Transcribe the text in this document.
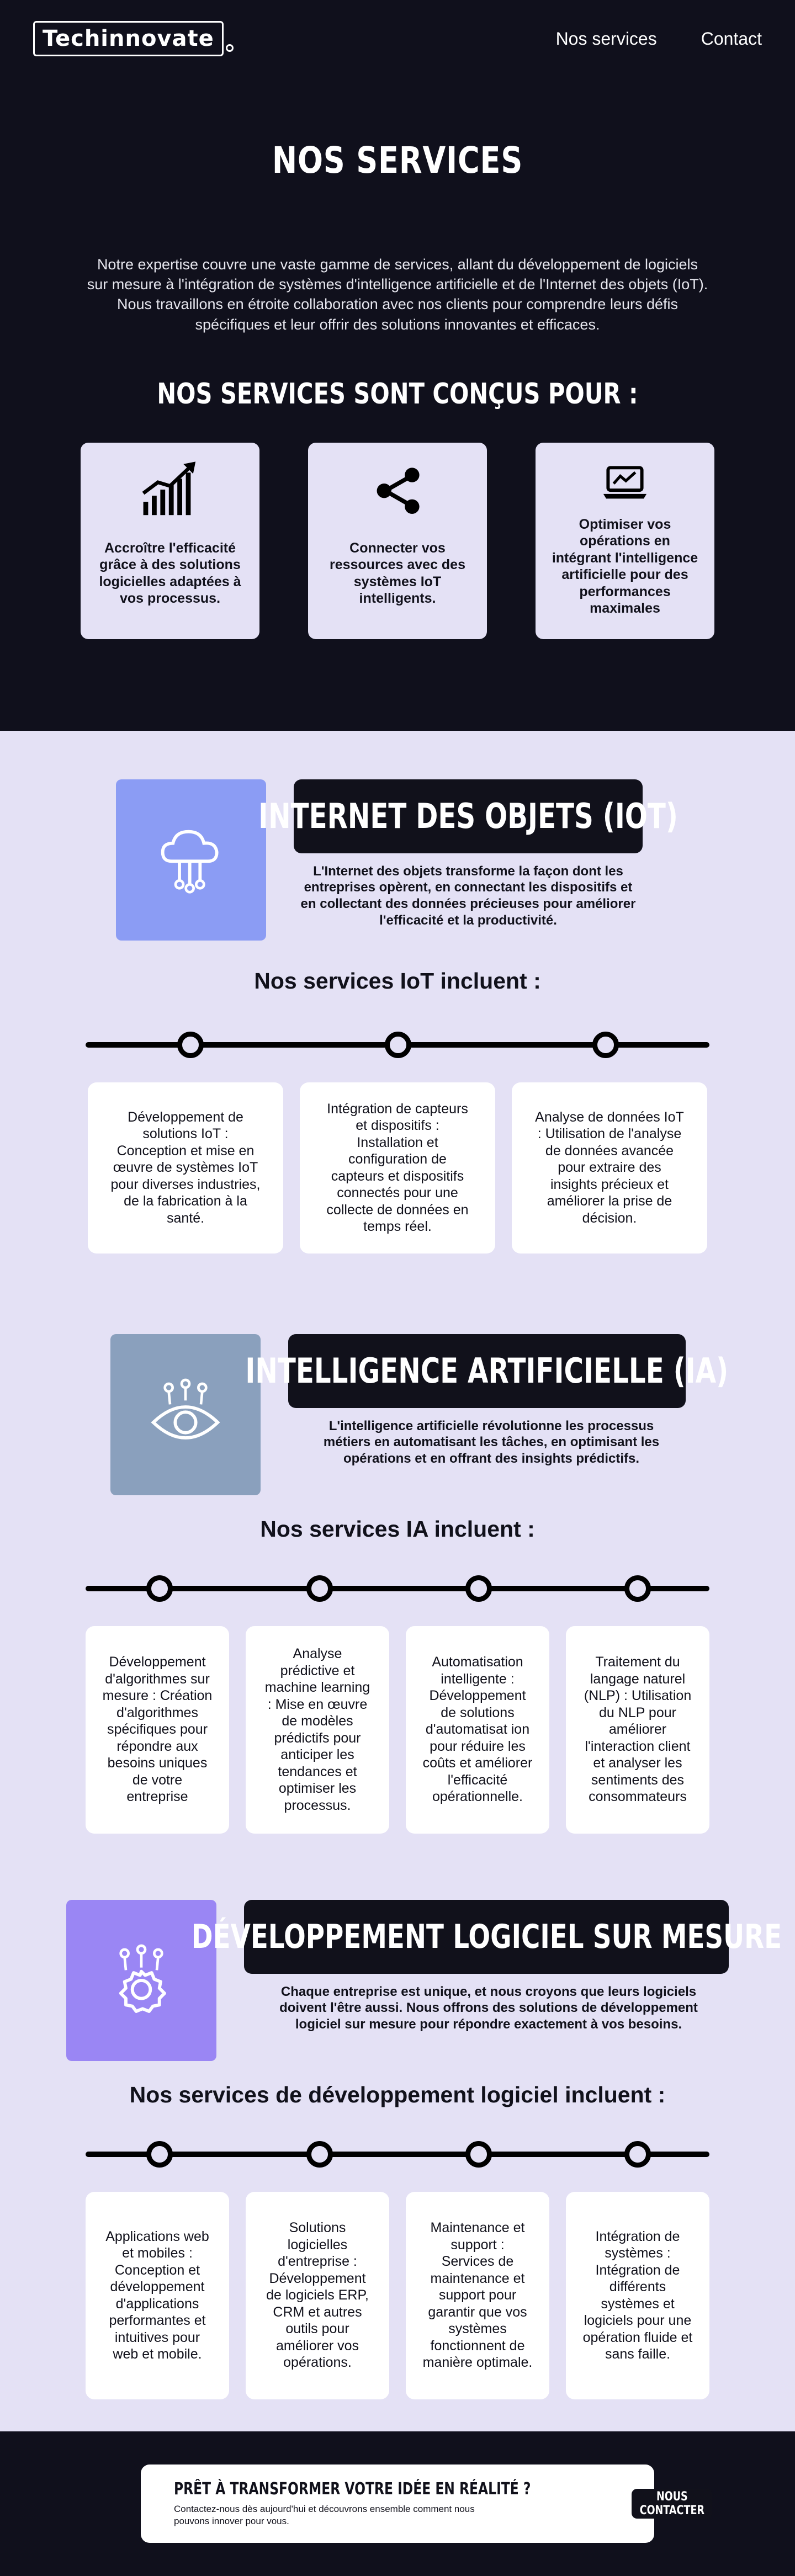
Techinnovate	Nos services	Contact
NOS SERVICES

Notre expertise couvre une vaste gamme de services, allant du développement de logiciels sur mesure à l'intégration de systèmes d'intelligence artificielle et de l'Internet des objets (IoT). Nous travaillons en étroite collaboration avec nos clients pour comprendre leurs défis spécifiques et leur offrir des solutions innovantes et efficaces.

NOS SERVICES SONT CONÇUS POUR :

Accroître l'efficacité grâce à des solutions logicielles adaptées à vos processus.

Connecter vos ressources avec des systèmes IoT intelligents.

Optimiser vos opérations en intégrant l'intelligence artificielle pour des performances maximales

INTERNET DES OBJETS (IOT)

L'Internet des objets transforme la façon dont les entreprises opèrent, en connectant les dispositifs et en collectant des données précieuses pour améliorer l'efficacité et la productivité.

Nos services IoT incluent :
Développement de solutions IoT : Conception et mise en œuvre de systèmes IoT pour diverses industries, de la fabrication à la santé.
Intégration de capteurs et dispositifs : Installation et configuration de capteurs et dispositifs connectés pour une collecte de données en temps réel.
Analyse de données IoT : Utilisation de l'analyse de données avancée pour extraire des insights précieux et améliorer la prise de décision.
INTELLIGENCE ARTIFICIELLE (IA)

L'intelligence artificielle révolutionne les processus métiers en automatisant les tâches, en optimisant les opérations et en offrant des insights prédictifs.

Nos services IA incluent :
Développement d'algorithmes sur mesure : Création d'algorithmes spécifiques pour répondre aux besoins uniques de votre entreprise
Analyse prédictive et machine learning : Mise en œuvre de modèles prédictifs pour anticiper les tendances et optimiser les processus.
Automatisation intelligente : Développement de solutions d'automatisat ion pour réduire les coûts et améliorer l'efficacité opérationnelle.
Traitement du langage naturel (NLP) : Utilisation du NLP pour améliorer l'interaction client et analyser les sentiments des consommateurs
DÉVELOPPEMENT LOGICIEL SUR MESURE

Chaque entreprise est unique, et nous croyons que leurs logiciels doivent l'être aussi. Nous offrons des solutions de développement logiciel sur mesure pour répondre exactement à vos besoins.

Nos services de développement logiciel incluent :
Applications web et mobiles : Conception et développement d'applications performantes et intuitives pour web et mobile.
Solutions logicielles d'entreprise : Développement de logiciels ERP, CRM et autres outils pour améliorer vos opérations.
Maintenance et support : Services de maintenance et support pour garantir que vos systèmes fonctionnent de manière optimale.
Intégration de systèmes : Intégration de différents systèmes et logiciels pour une opération fluide et sans faille.
PRÊT À TRANSFORMER VOTRE IDÉE EN RÉALITÉ ?

Contactez-nous dès aujourd'hui et découvrons ensemble comment nous pouvons innover pour vous.

NOUS CONTACTER
